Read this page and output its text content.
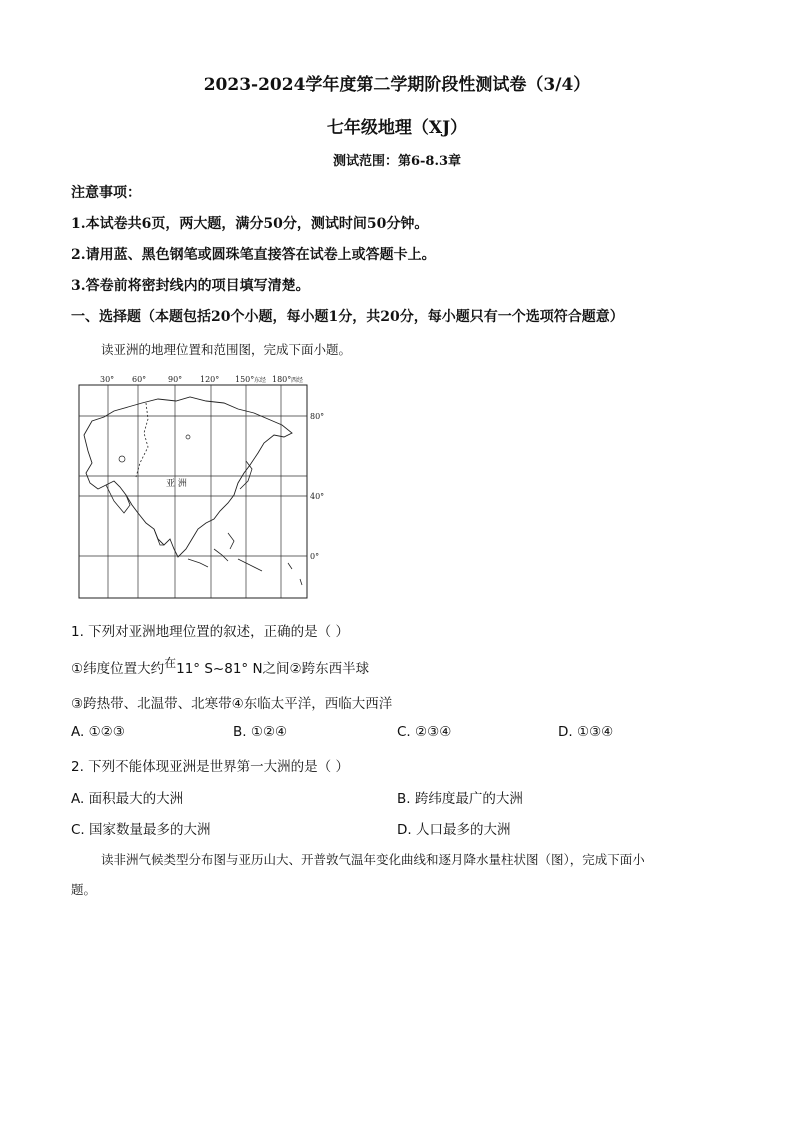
2023-2024学年度第二学期阶段性测试卷（3/4）
七年级地理（XJ）
测试范围：第6-8.3章
注意事项：
1.本试卷共6页，两大题，满分50分，测试时间50分钟。
2.请用蓝、黑色钢笔或圆珠笔直接答在试卷上或答题卡上。
3.答卷前将密封线内的项目填写清楚。
一、选择题（本题包括20个小题，每小题1分，共20分，每小题只有一个选项符合题意）
读亚洲的地理位置和范围图，完成下面小题。
30° 60°	90° 120° 150° 东经 180° 西经
80°
40°
0°
亚 洲
1. 下列对亚洲地理位置的叙述，正确的是（ ）
①纬度位置大约在11° S~81° N之间②跨东西半球
③跨热带、北温带、北寒带④东临太平洋，西临大西洋
A. ①②③	B. ①②④	C. ②③④	D. ①③④
2. 下列不能体现亚洲是世界第一大洲的是（ ）
A. 面积最大的大洲	B. 跨纬度最广的大洲
C. 国家数量最多的大洲	D. 人口最多的大洲
读非洲气候类型分布图与亚历山大、开普敦气温年变化曲线和逐月降水量柱状图（图），完成下面小
题。
